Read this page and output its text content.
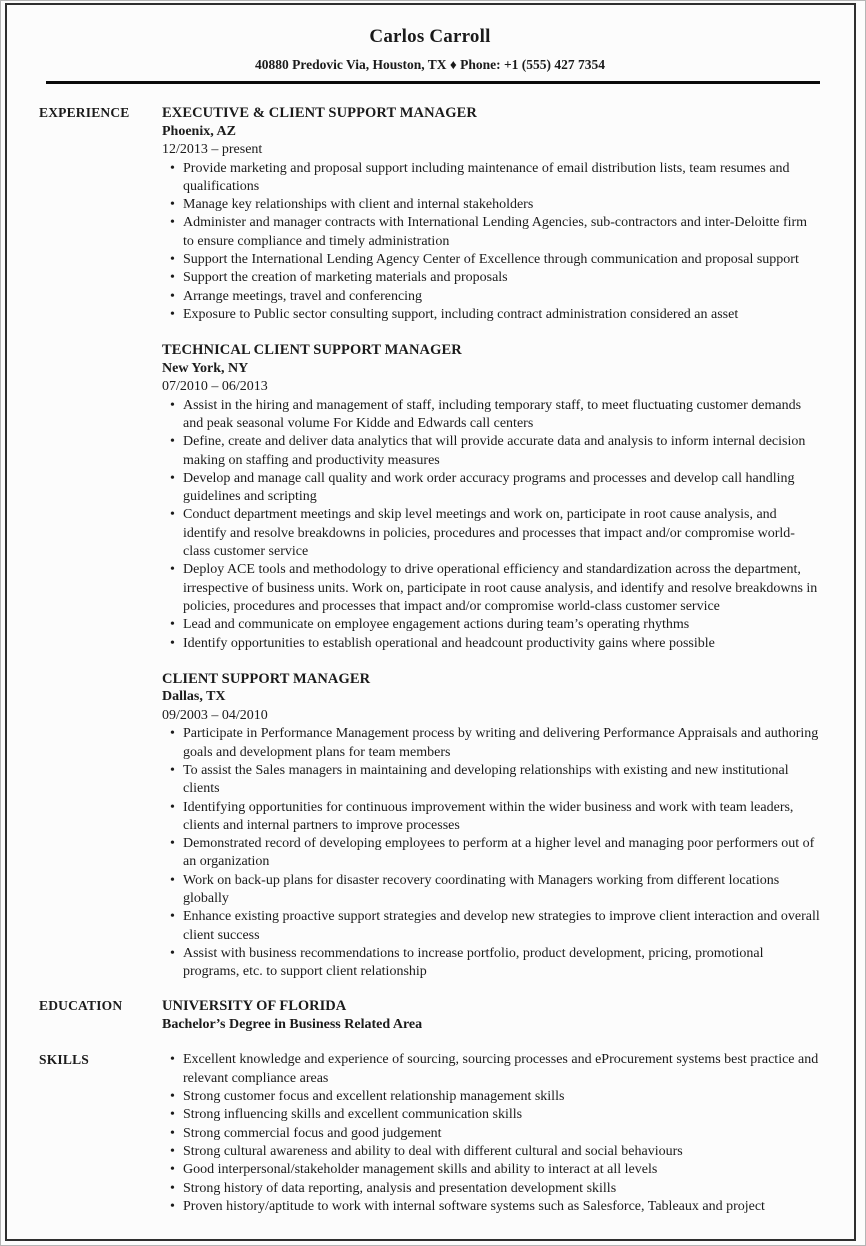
Carlos Carroll
40880 Predovic Via, Houston, TX ♦ Phone: +1 (555) 427 7354
EXPERIENCE	EXECUTIVE & CLIENT SUPPORT MANAGER
Phoenix, AZ
12/2013 – present
• Provide marketing and proposal support including maintenance of email distribution lists, team resumes and qualifications
• Manage key relationships with client and internal stakeholders
• Administer and manager contracts with International Lending Agencies, sub-contractors and inter-Deloitte firm to ensure compliance and timely administration
• Support the International Lending Agency Center of Excellence through communication and proposal support
• Support the creation of marketing materials and proposals
• Arrange meetings, travel and conferencing
• Exposure to Public sector consulting support, including contract administration considered an asset
TECHNICAL CLIENT SUPPORT MANAGER
New York, NY
07/2010 – 06/2013
• Assist in the hiring and management of staff, including temporary staff, to meet fluctuating customer demands and peak seasonal volume For Kidde and Edwards call centers
• Define, create and deliver data analytics that will provide accurate data and analysis to inform internal decision making on staffing and productivity measures
• Develop and manage call quality and work order accuracy programs and processes and develop call handling guidelines and scripting
• Conduct department meetings and skip level meetings and work on, participate in root cause analysis, and identify and resolve breakdowns in policies, procedures and processes that impact and/or compromise world-class customer service
• Deploy ACE tools and methodology to drive operational efficiency and standardization across the department, irrespective of business units. Work on, participate in root cause analysis, and identify and resolve breakdowns in policies, procedures and processes that impact and/or compromise world-class customer service
• Lead and communicate on employee engagement actions during team’s operating rhythms
• Identify opportunities to establish operational and headcount productivity gains where possible
CLIENT SUPPORT MANAGER
Dallas, TX
09/2003 – 04/2010
• Participate in Performance Management process by writing and delivering Performance Appraisals and authoring goals and development plans for team members
• To assist the Sales managers in maintaining and developing relationships with existing and new institutional clients
• Identifying opportunities for continuous improvement within the wider business and work with team leaders, clients and internal partners to improve processes
• Demonstrated record of developing employees to perform at a higher level and managing poor performers out of an organization
• Work on back-up plans for disaster recovery coordinating with Managers working from different locations globally
• Enhance existing proactive support strategies and develop new strategies to improve client interaction and overall client success
• Assist with business recommendations to increase portfolio, product development, pricing, promotional programs, etc. to support client relationship
EDUCATION	UNIVERSITY OF FLORIDA
Bachelor’s Degree in Business Related Area
SKILLS	• Excellent knowledge and experience of sourcing, sourcing processes and eProcurement systems best practice and relevant compliance areas
• Strong customer focus and excellent relationship management skills
• Strong influencing skills and excellent communication skills
• Strong commercial focus and good judgement
• Strong cultural awareness and ability to deal with different cultural and social behaviours
• Good interpersonal/stakeholder management skills and ability to interact at all levels
• Strong history of data reporting, analysis and presentation development skills
• Proven history/aptitude to work with internal software systems such as Salesforce, Tableaux and project
